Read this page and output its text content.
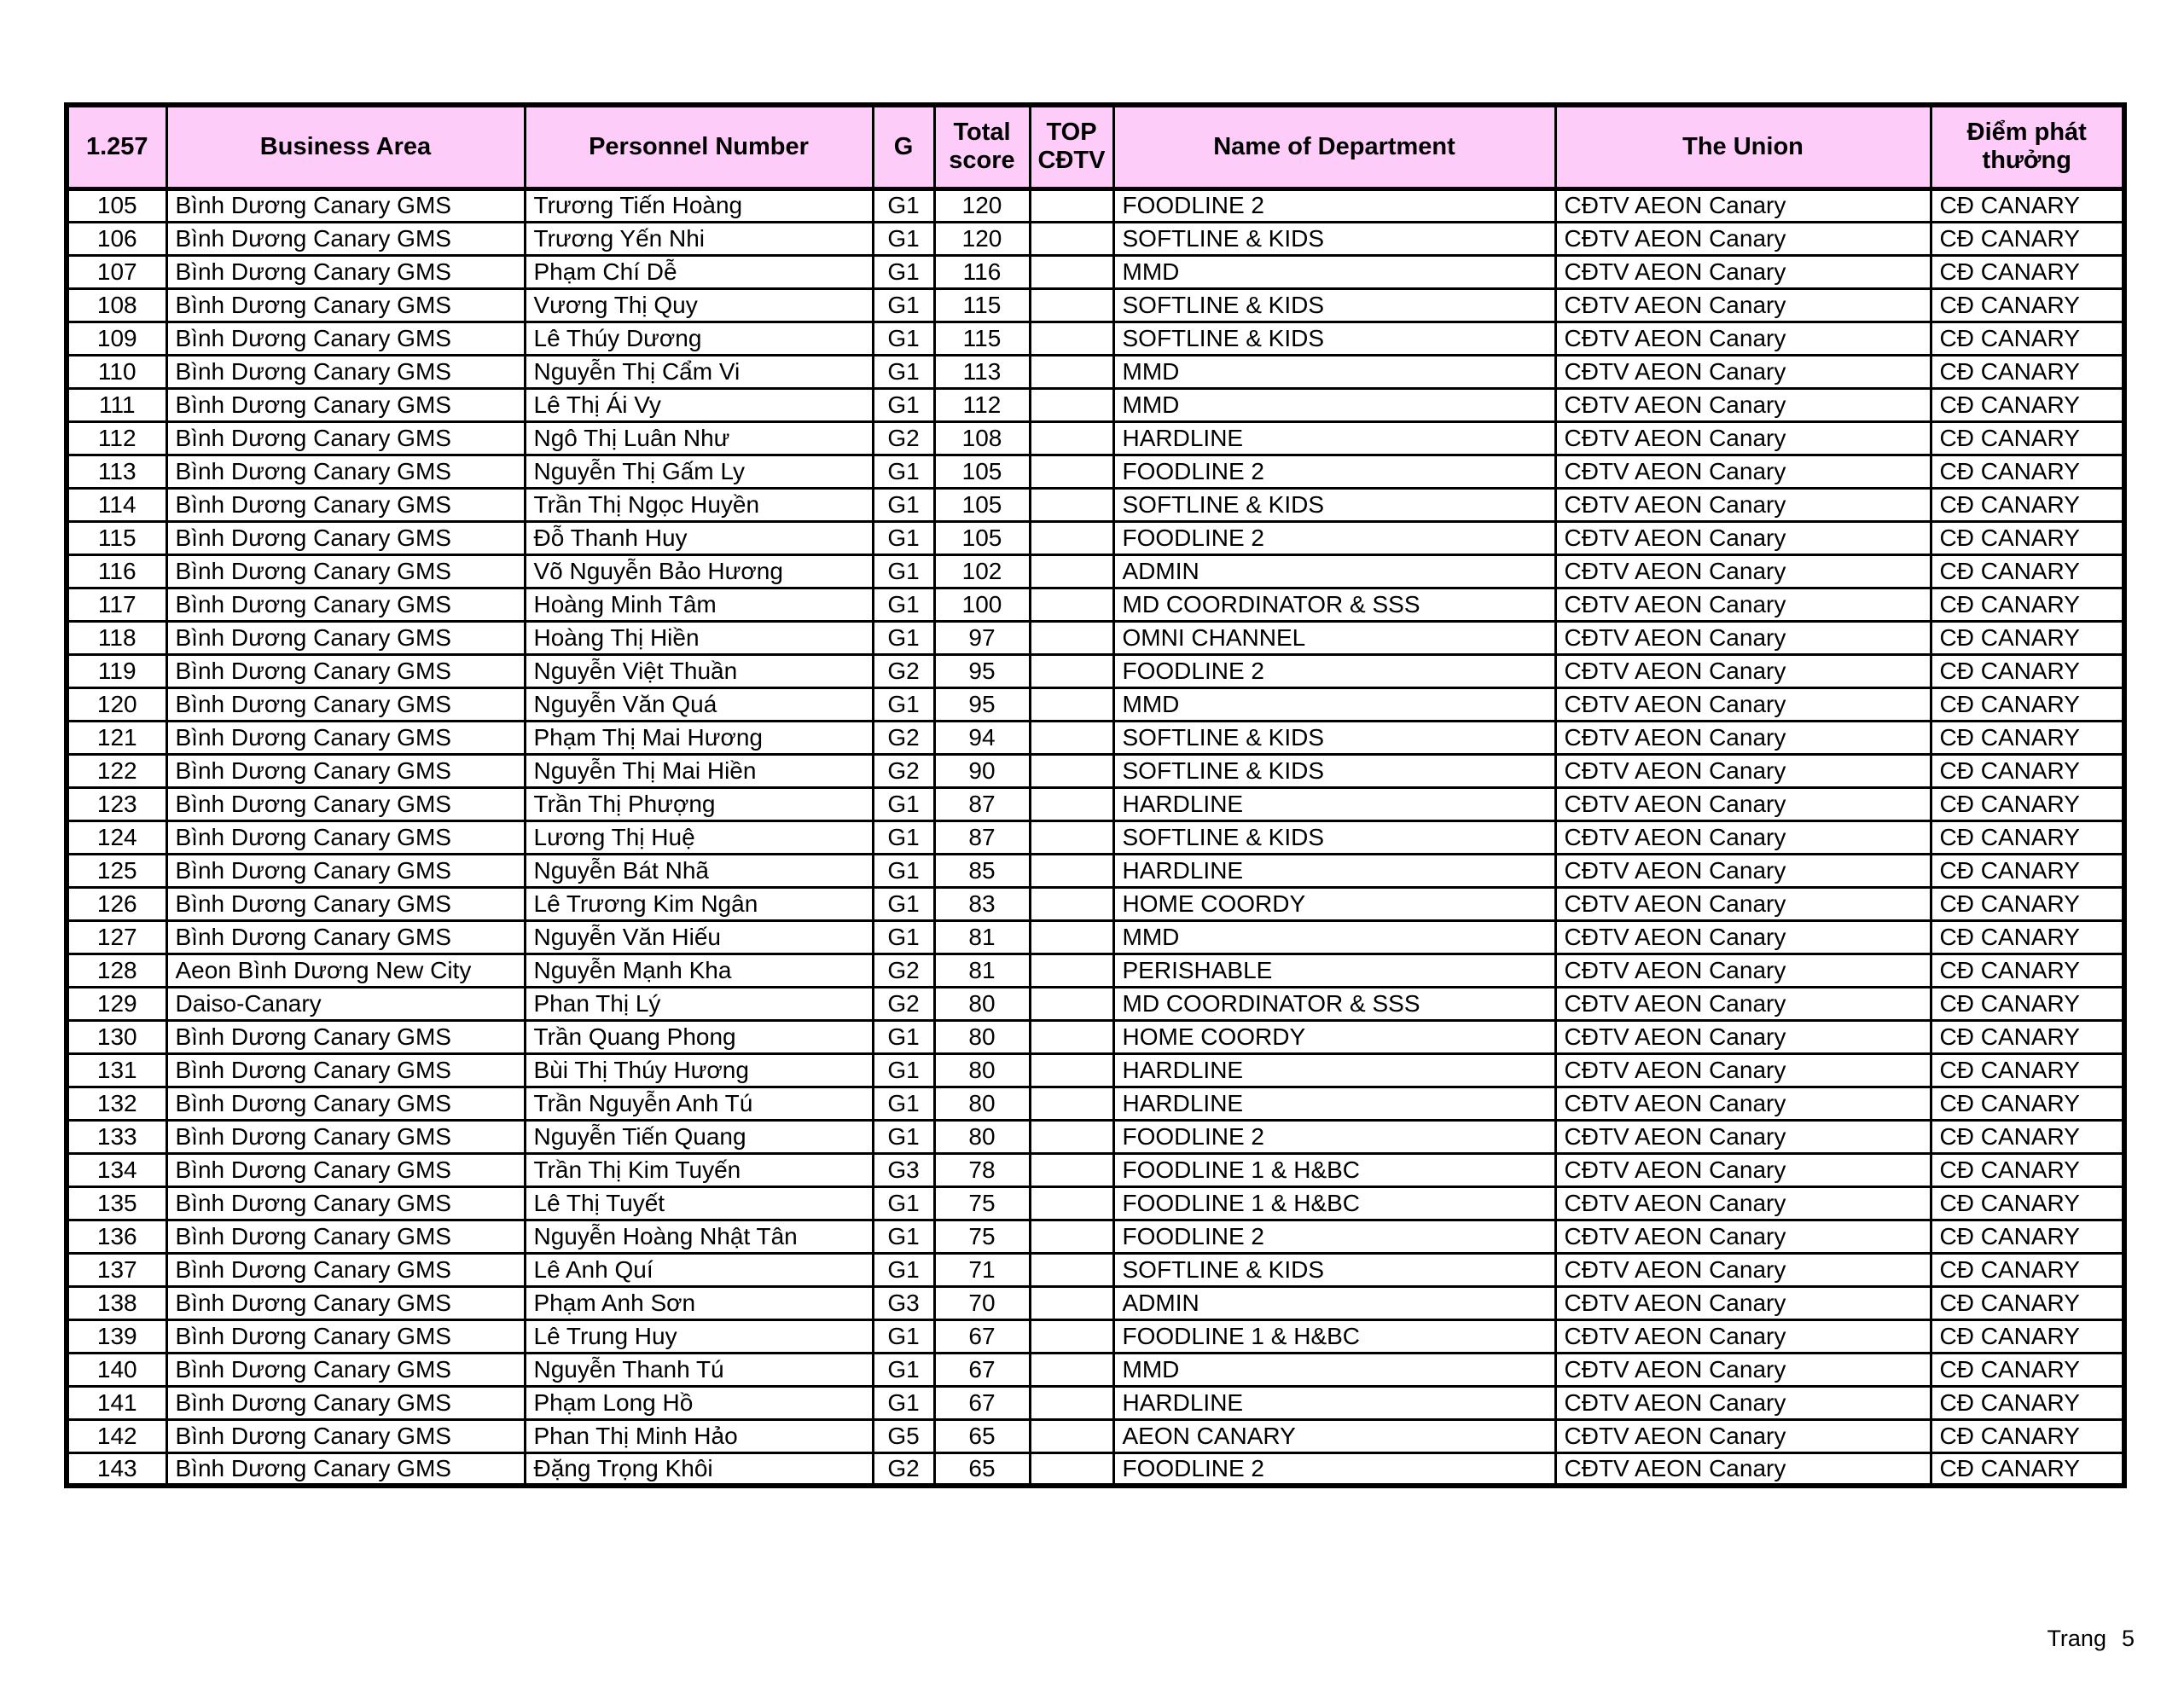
1.257	Business Area	Personnel Number	G	Total score	TOP CĐTV	Name of Department	The Union	Điểm phát thưởng
105	Bình Dương Canary GMS	Trương Tiến Hoàng	G1	120		FOODLINE 2	CĐTV AEON Canary	CĐ CANARY
106	Bình Dương Canary GMS	Trương Yến Nhi	G1	120		SOFTLINE & KIDS	CĐTV AEON Canary	CĐ CANARY
107	Bình Dương Canary GMS	Phạm Chí Dễ	G1	116		MMD	CĐTV AEON Canary	CĐ CANARY
108	Bình Dương Canary GMS	Vương Thị Quy	G1	115		SOFTLINE & KIDS	CĐTV AEON Canary	CĐ CANARY
109	Bình Dương Canary GMS	Lê Thúy Dương	G1	115		SOFTLINE & KIDS	CĐTV AEON Canary	CĐ CANARY
110	Bình Dương Canary GMS	Nguyễn Thị Cẩm Vi	G1	113		MMD	CĐTV AEON Canary	CĐ CANARY
111	Bình Dương Canary GMS	Lê Thị Ái Vy	G1	112		MMD	CĐTV AEON Canary	CĐ CANARY
112	Bình Dương Canary GMS	Ngô Thị Luân Như	G2	108		HARDLINE	CĐTV AEON Canary	CĐ CANARY
113	Bình Dương Canary GMS	Nguyễn Thị Gấm Ly	G1	105		FOODLINE 2	CĐTV AEON Canary	CĐ CANARY
114	Bình Dương Canary GMS	Trần Thị Ngọc Huyền	G1	105		SOFTLINE & KIDS	CĐTV AEON Canary	CĐ CANARY
115	Bình Dương Canary GMS	Đỗ Thanh Huy	G1	105		FOODLINE 2	CĐTV AEON Canary	CĐ CANARY
116	Bình Dương Canary GMS	Võ Nguyễn Bảo Hương	G1	102		ADMIN	CĐTV AEON Canary	CĐ CANARY
117	Bình Dương Canary GMS	Hoàng Minh Tâm	G1	100		MD COORDINATOR & SSS	CĐTV AEON Canary	CĐ CANARY
118	Bình Dương Canary GMS	Hoàng Thị Hiền	G1	97		OMNI CHANNEL	CĐTV AEON Canary	CĐ CANARY
119	Bình Dương Canary GMS	Nguyễn Việt Thuần	G2	95		FOODLINE 2	CĐTV AEON Canary	CĐ CANARY
120	Bình Dương Canary GMS	Nguyễn Văn Quá	G1	95		MMD	CĐTV AEON Canary	CĐ CANARY
121	Bình Dương Canary GMS	Phạm Thị Mai Hương	G2	94		SOFTLINE & KIDS	CĐTV AEON Canary	CĐ CANARY
122	Bình Dương Canary GMS	Nguyễn Thị Mai Hiền	G2	90		SOFTLINE & KIDS	CĐTV AEON Canary	CĐ CANARY
123	Bình Dương Canary GMS	Trần Thị Phượng	G1	87		HARDLINE	CĐTV AEON Canary	CĐ CANARY
124	Bình Dương Canary GMS	Lương Thị Huệ	G1	87		SOFTLINE & KIDS	CĐTV AEON Canary	CĐ CANARY
125	Bình Dương Canary GMS	Nguyễn Bát Nhã	G1	85		HARDLINE	CĐTV AEON Canary	CĐ CANARY
126	Bình Dương Canary GMS	Lê Trương Kim Ngân	G1	83		HOME COORDY	CĐTV AEON Canary	CĐ CANARY
127	Bình Dương Canary GMS	Nguyễn Văn Hiếu	G1	81		MMD	CĐTV AEON Canary	CĐ CANARY
128	Aeon Bình Dương New City	Nguyễn Mạnh Kha	G2	81		PERISHABLE	CĐTV AEON Canary	CĐ CANARY
129	Daiso-Canary	Phan Thị Lý	G2	80		MD COORDINATOR & SSS	CĐTV AEON Canary	CĐ CANARY
130	Bình Dương Canary GMS	Trần Quang Phong	G1	80		HOME COORDY	CĐTV AEON Canary	CĐ CANARY
131	Bình Dương Canary GMS	Bùi Thị Thúy Hương	G1	80		HARDLINE	CĐTV AEON Canary	CĐ CANARY
132	Bình Dương Canary GMS	Trần Nguyễn Anh Tú	G1	80		HARDLINE	CĐTV AEON Canary	CĐ CANARY
133	Bình Dương Canary GMS	Nguyễn Tiến Quang	G1	80		FOODLINE 2	CĐTV AEON Canary	CĐ CANARY
134	Bình Dương Canary GMS	Trần Thị Kim Tuyến	G3	78		FOODLINE 1 & H&BC	CĐTV AEON Canary	CĐ CANARY
135	Bình Dương Canary GMS	Lê Thị Tuyết	G1	75		FOODLINE 1 & H&BC	CĐTV AEON Canary	CĐ CANARY
136	Bình Dương Canary GMS	Nguyễn Hoàng Nhật Tân	G1	75		FOODLINE 2	CĐTV AEON Canary	CĐ CANARY
137	Bình Dương Canary GMS	Lê Anh Quí	G1	71		SOFTLINE & KIDS	CĐTV AEON Canary	CĐ CANARY
138	Bình Dương Canary GMS	Phạm Anh Sơn	G3	70		ADMIN	CĐTV AEON Canary	CĐ CANARY
139	Bình Dương Canary GMS	Lê Trung Huy	G1	67		FOODLINE 1 & H&BC	CĐTV AEON Canary	CĐ CANARY
140	Bình Dương Canary GMS	Nguyễn Thanh Tú	G1	67		MMD	CĐTV AEON Canary	CĐ CANARY
141	Bình Dương Canary GMS	Phạm Long Hồ	G1	67		HARDLINE	CĐTV AEON Canary	CĐ CANARY
142	Bình Dương Canary GMS	Phan Thị Minh Hảo	G5	65		AEON CANARY	CĐTV AEON Canary	CĐ CANARY
143	Bình Dương Canary GMS	Đặng Trọng Khôi	G2	65		FOODLINE 2	CĐTV AEON Canary	CĐ CANARY
Trang 5
